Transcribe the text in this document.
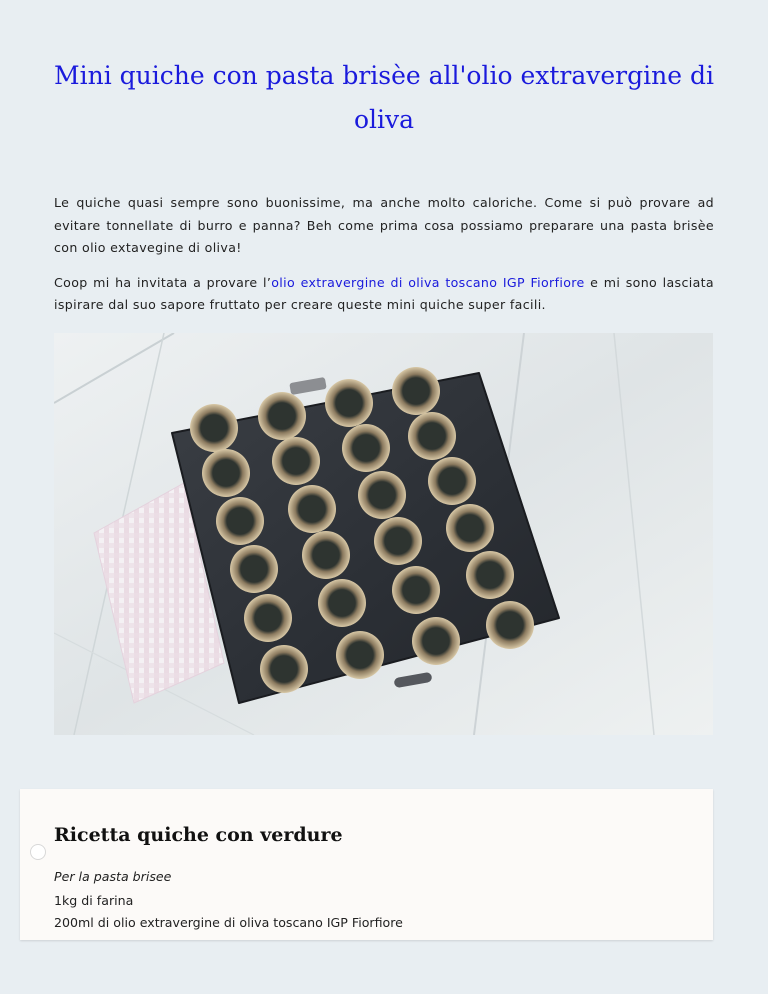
Mini quiche con pasta brisèe all'olio extravergine di oliva

Le quiche quasi sempre sono buonissime, ma anche molto caloriche. Come si può provare ad evitare tonnellate di burro e panna? Beh come prima cosa possiamo preparare una pasta brisèe con olio extavegine di oliva!

Coop mi ha invitata a provare l’olio extravergine di oliva toscano IGP Fiorfiore e mi sono lasciata ispirare dal suo sapore fruttato per creare queste mini quiche super facili.

Ricetta quiche con verdure

Per la pasta brisee

1kg di farina
200ml di olio extravergine di oliva toscano IGP Fiorfiore
